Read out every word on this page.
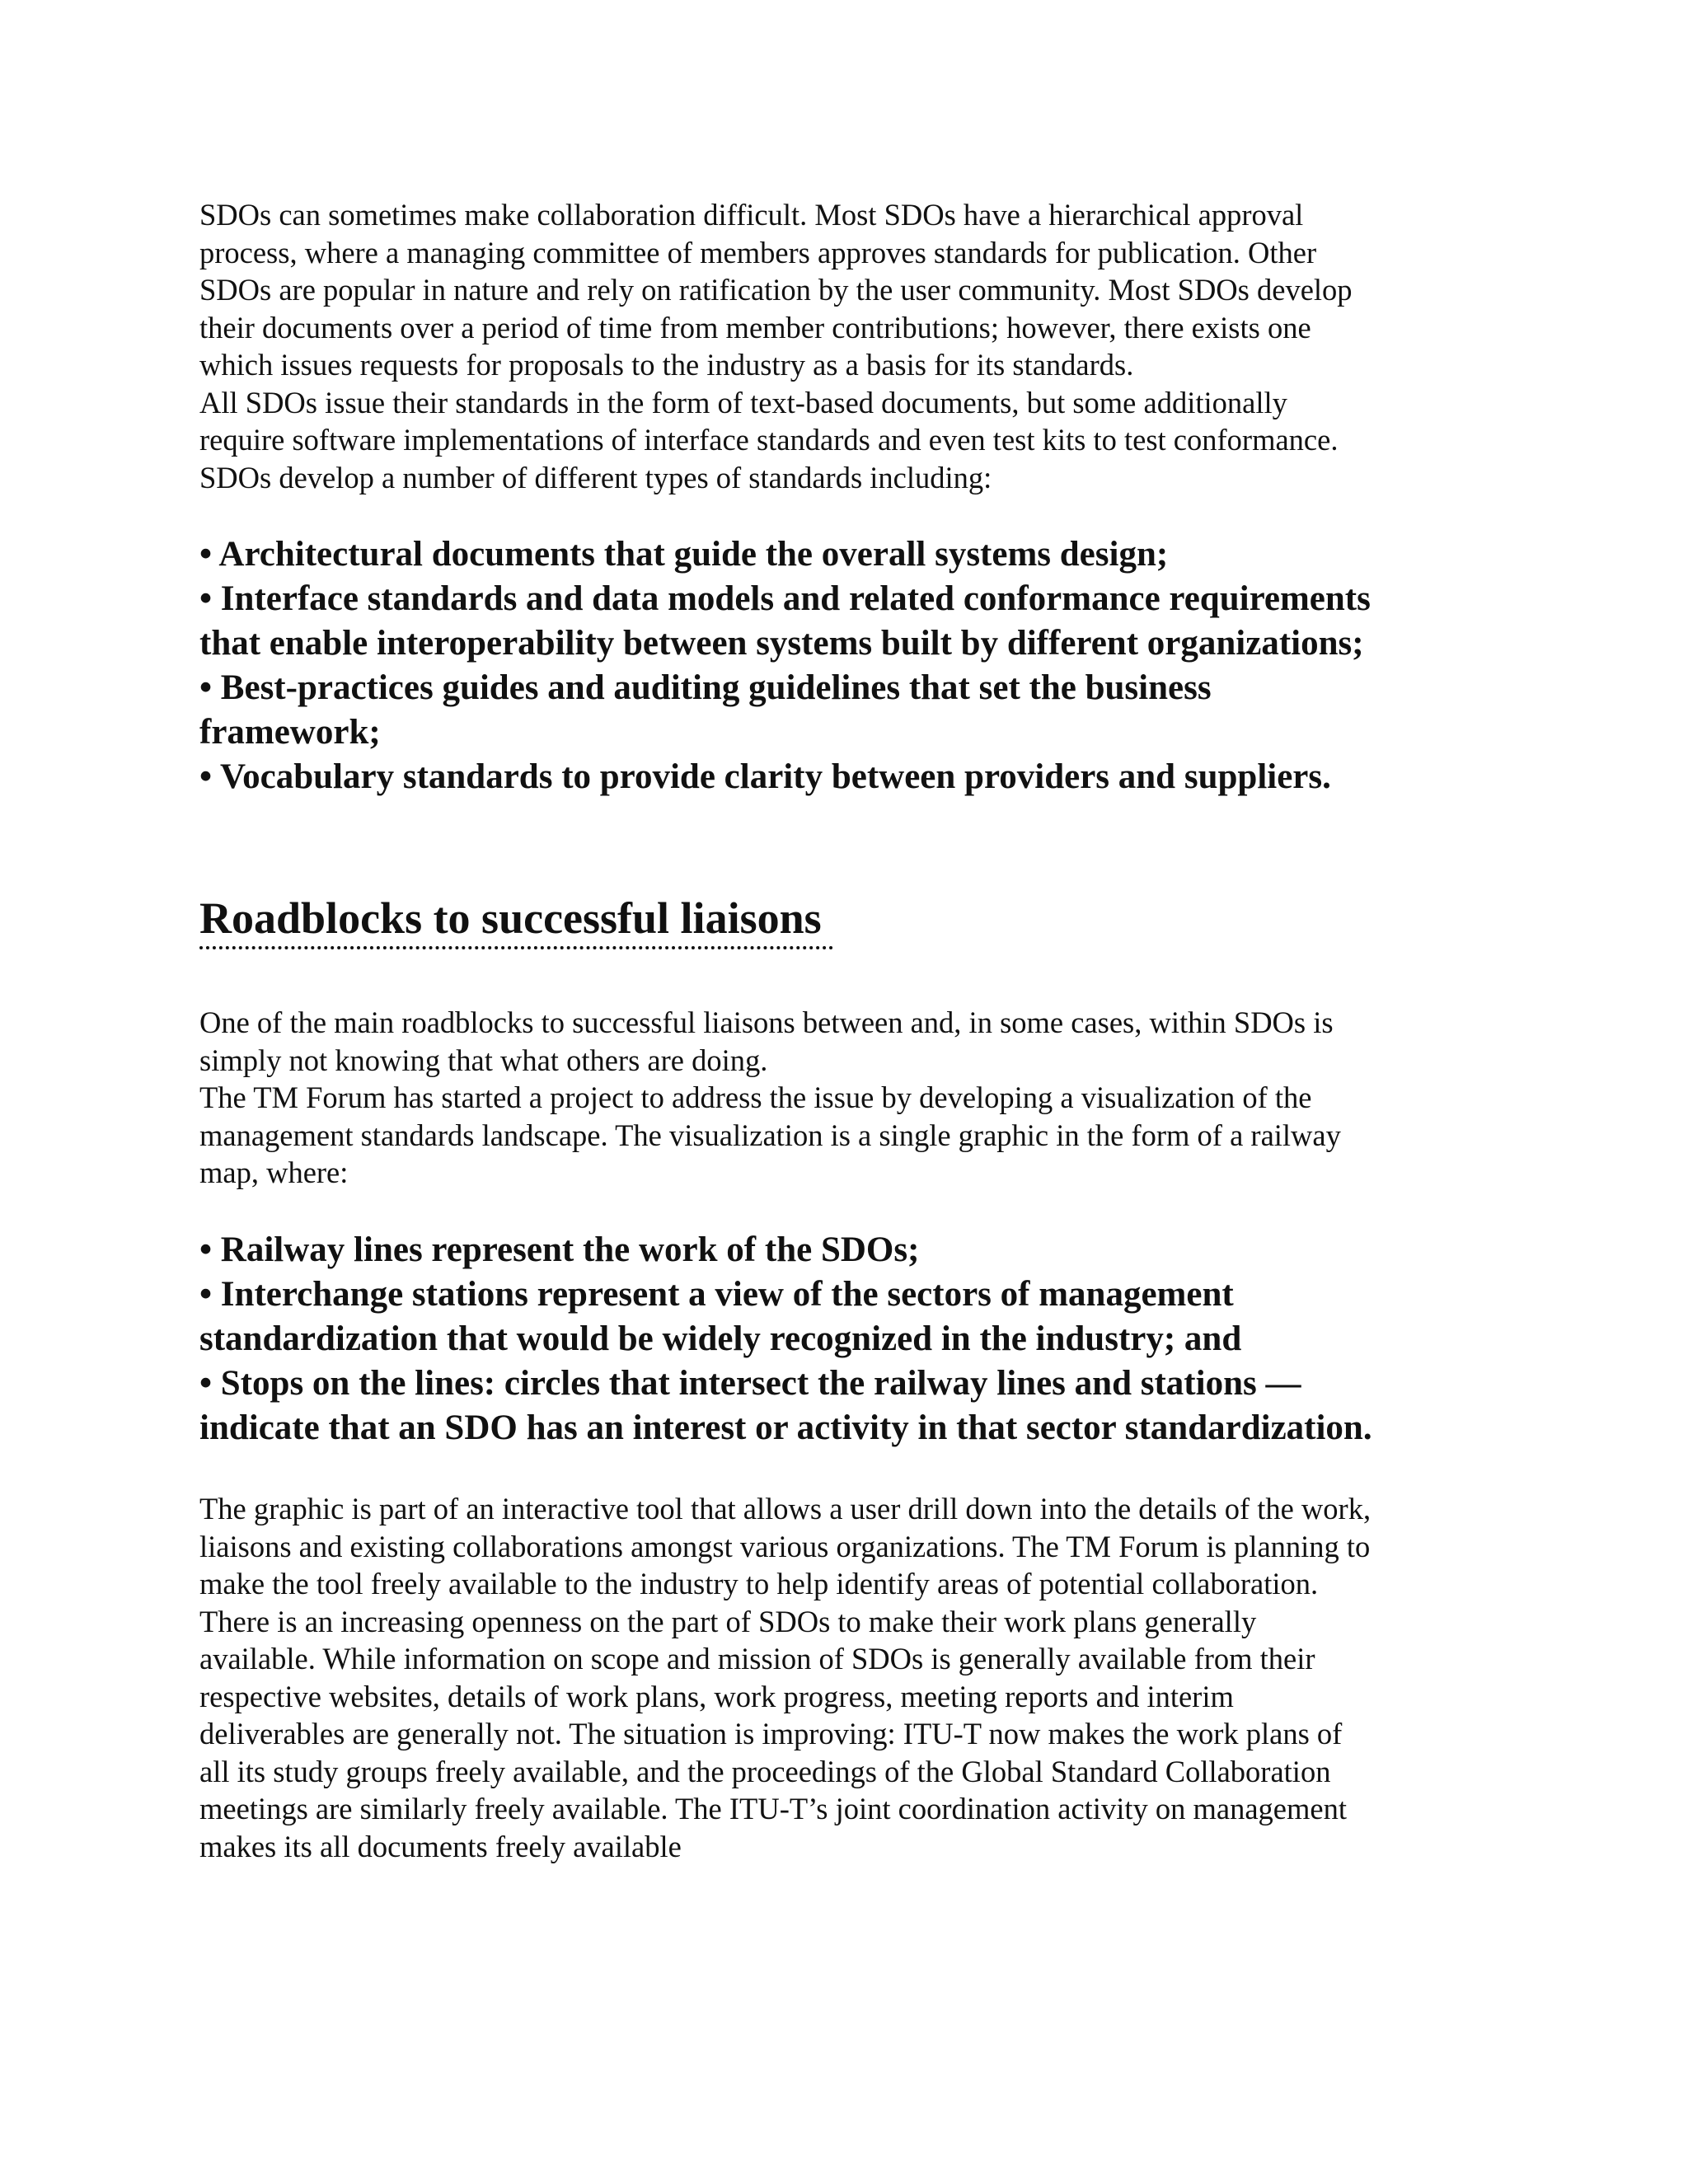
SDOs can sometimes make collaboration difficult. Most SDOs have a hierarchical approval
process, where a managing committee of members approves standards for publication. Other
SDOs are popular in nature and rely on ratification by the user community. Most SDOs develop
their documents over a period of time from member contributions; however, there exists one
which issues requests for proposals to the industry as a basis for its standards.
All SDOs issue their standards in the form of text-based documents, but some additionally
require software implementations of interface standards and even test kits to test conformance.
SDOs develop a number of different types of standards including:
• Architectural documents that guide the overall systems design;
• Interface standards and data models and related conformance requirements
that enable interoperability between systems built by different organizations;
• Best-practices guides and auditing guidelines that set the business
framework;
• Vocabulary standards to provide clarity between providers and suppliers.
Roadblocks to successful liaisons
One of the main roadblocks to successful liaisons between and, in some cases, within SDOs is
simply not knowing that what others are doing.
The TM Forum has started a project to address the issue by developing a visualization of the
management standards landscape. The visualization is a single graphic in the form of a railway
map, where:
• Railway lines represent the work of the SDOs;
• Interchange stations represent a view of the sectors of management
standardization that would be widely recognized in the industry; and
• Stops on the lines: circles that intersect the railway lines and stations —
indicate that an SDO has an interest or activity in that sector standardization.
The graphic is part of an interactive tool that allows a user drill down into the details of the work,
liaisons and existing collaborations amongst various organizations. The TM Forum is planning to
make the tool freely available to the industry to help identify areas of potential collaboration.
There is an increasing openness on the part of SDOs to make their work plans generally
available. While information on scope and mission of SDOs is generally available from their
respective websites, details of work plans, work progress, meeting reports and interim
deliverables are generally not. The situation is improving: ITU-T now makes the work plans of
all its study groups freely available, and the proceedings of the Global Standard Collaboration
meetings are similarly freely available. The ITU-T’s joint coordination activity on management
makes its all documents freely available
